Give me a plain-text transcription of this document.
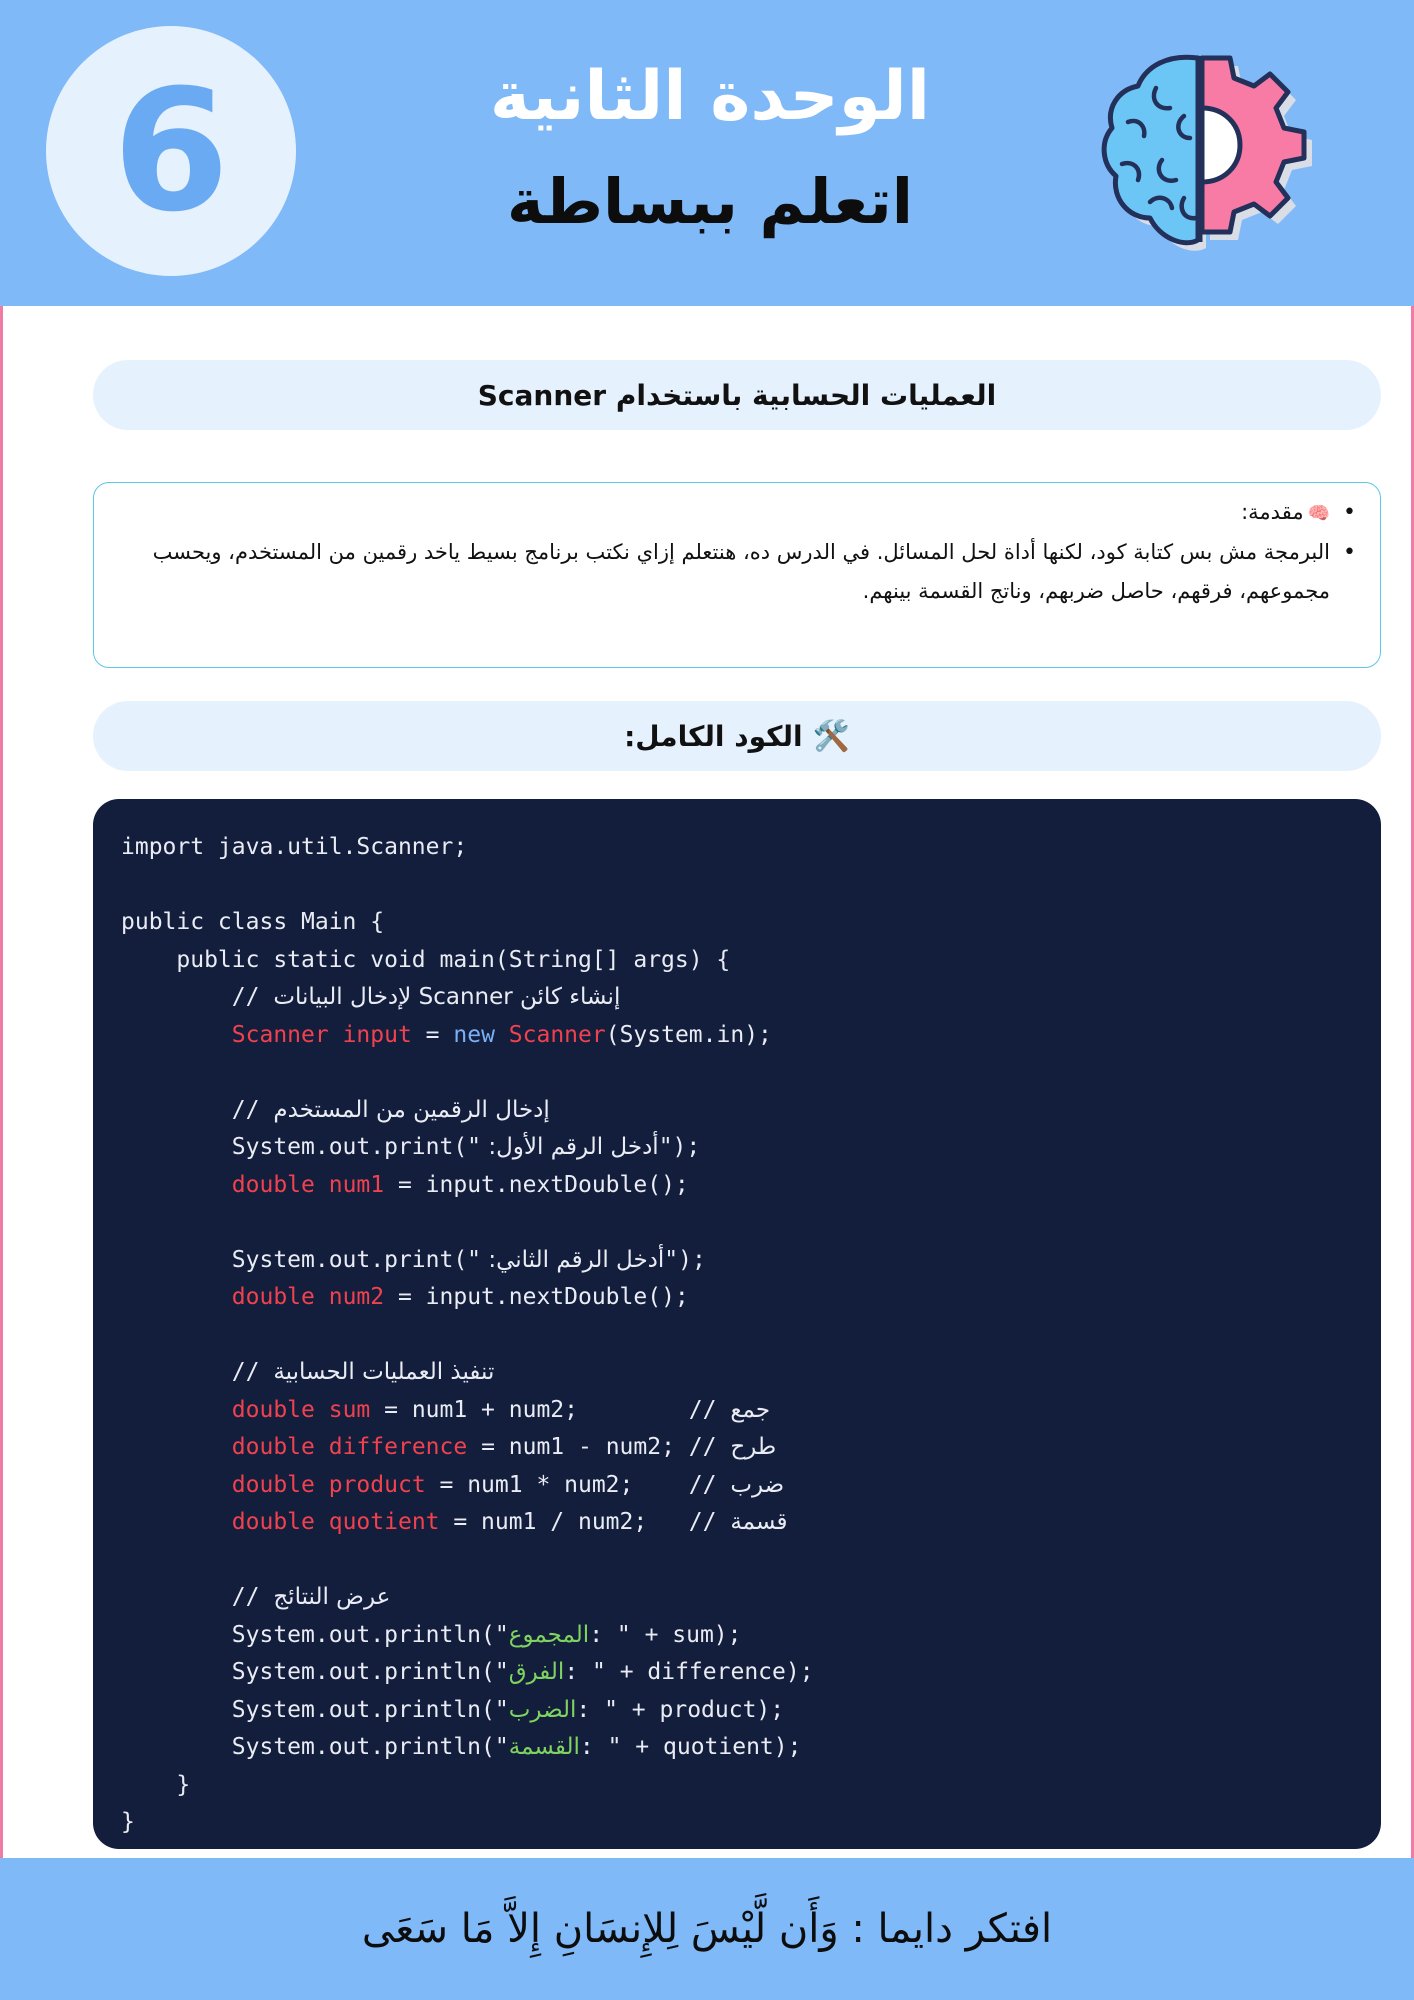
6	الوحدة الثانية
اتعلم ببساطة
العمليات الحسابية باستخدام Scanner
•
🧠مقدمة:
•
البرمجة مش بس كتابة كود، لكنها أداة لحل المسائل. في الدرس ده، هنتعلم إزاي نكتب برنامج بسيط ياخد رقمين من المستخدم، ويحسب مجموعهم، فرقهم، حاصل ضربهم، وناتج القسمة بينهم.
🛠️
الكود الكامل:
import java.util.Scanner;

public class Main {
public static void main(String[] args) {
// إنشاء كائن Scanner لإدخال البيانات
Scanner input = new Scanner(System.in);

// إدخال الرقمين من المستخدم
System.out.print("أدخل الرقم الأول: ");
double num1 = input.nextDouble();

System.out.print("أدخل الرقم الثاني: ");
double num2 = input.nextDouble();

// تنفيذ العمليات الحسابية
double sum = num1 + num2;        // جمع
double difference = num1 - num2; // طرح
double product = num1 * num2;    // ضرب
double quotient = num1 / num2;   // قسمة

// عرض النتائج
System.out.println("المجموع: " + sum);
System.out.println("الفرق: " + difference);
System.out.println("الضرب: " + product);
System.out.println("القسمة: " + quotient);
}
}
افتكر دايما : وَأَن لَّيْسَ لِلإِنسَانِ إِلاَّ مَا سَعَى
